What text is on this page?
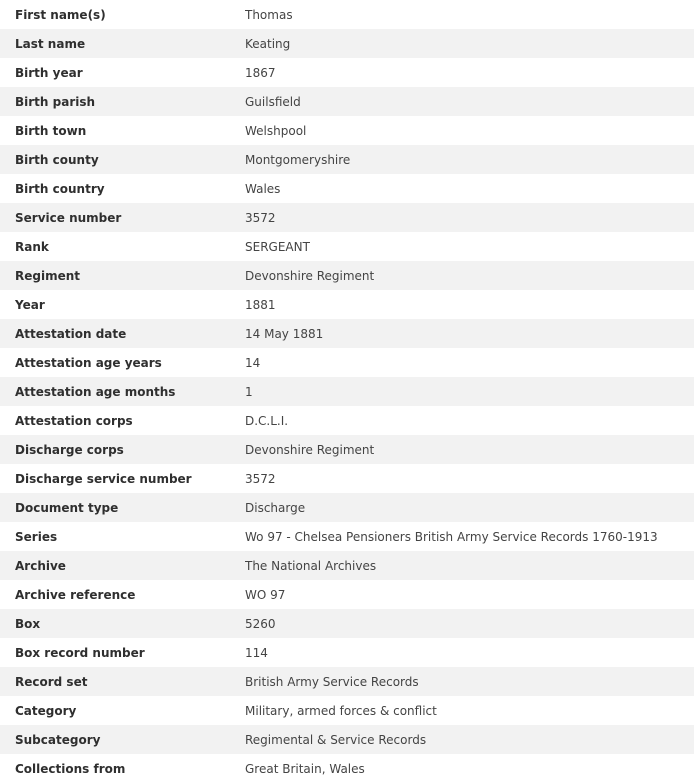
First name(s)	Thomas
Last name	Keating
Birth year	1867
Birth parish	Guilsfield
Birth town	Welshpool
Birth county	Montgomeryshire
Birth country	Wales
Service number	3572
Rank	SERGEANT
Regiment	Devonshire Regiment
Year	1881
Attestation date	14 May 1881
Attestation age years	14
Attestation age months	1
Attestation corps	D.C.L.I.
Discharge corps	Devonshire Regiment
Discharge service number	3572
Document type	Discharge
Series	Wo 97 - Chelsea Pensioners British Army Service Records 1760-1913
Archive	The National Archives
Archive reference	WO 97
Box	5260
Box record number	114
Record set	British Army Service Records
Category	Military, armed forces & conflict
Subcategory	Regimental & Service Records
Collections from	Great Britain, Wales
